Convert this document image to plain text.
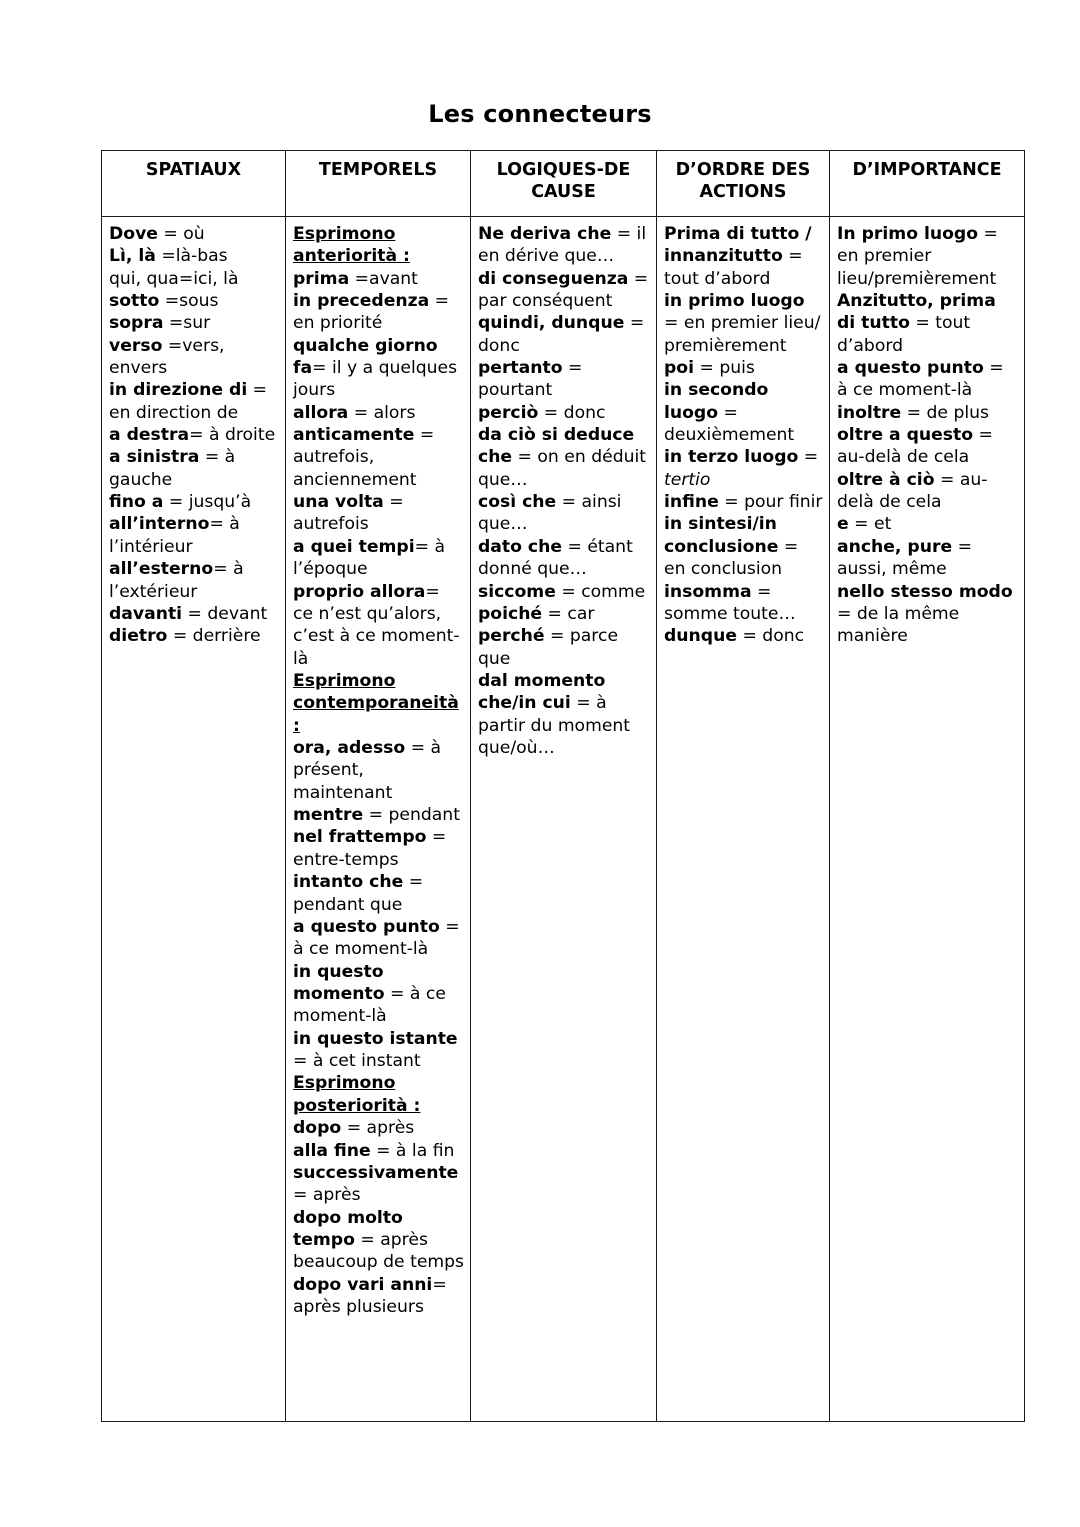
Les connecteurs
SPATIAUX	TEMPORELS	LOGIQUES-DE CAUSE	D’ORDRE DES ACTIONS	D’IMPORTANCE

Dove = où
Lì, là =là-bas
qui, qua=ici, là
sotto =sous
sopra =sur
verso =vers, envers
in direzione di = en direction de
a destra= à droite
a sinistra = à gauche
fino a = jusqu’à
all’interno= à l’intérieur
all’esterno= à l’extérieur
davanti = devant
dietro = derrière

Esprimono anteriorità :
prima =avant
in precedenza = en priorité
qualche giorno fa= il y a quelques jours
allora = alors
anticamente = autrefois, anciennement
una volta = autrefois
a quei tempi= à l’époque
proprio allora= ce n’est qu’alors, c’est à ce moment-là
Esprimono contemporaneità :
ora, adesso = à présent, maintenant
mentre = pendant
nel frattempo = entre-temps
intanto che = pendant que
a questo punto = à ce moment-là
in questo momento = à ce moment-là
in questo istante = à cet instant
Esprimono posteriorità :
dopo = après
alla fine = à la fin
successivamente = après
dopo molto tempo = après beaucoup de temps
dopo vari anni= après plusieurs

Ne deriva che = il en dérive que…
di conseguenza = par conséquent
quindi, dunque = donc
pertanto = pourtant
perciò = donc
da ciò si deduce che = on en déduit que…
così che = ainsi que…
dato che = étant donné que…
siccome = comme
poiché = car
perché = parce que
dal momento che/in cui = à partir du moment que/où…

Prima di tutto / innanzitutto = tout d’abord
in primo luogo = en premier lieu/ premièrement
poi = puis
in secondo luogo = deuxièmement
in terzo luogo = tertio
infine = pour finir
in sintesi/in conclusione = en conclusion
insomma = somme toute…
dunque = donc

In primo luogo = en premier lieu/premièrement
Anzitutto, prima di tutto = tout d’abord
a questo punto = à ce moment-là
inoltre = de plus
oltre a questo = au-delà de cela
oltre à ciò = au-delà de cela
e = et
anche, pure = aussi, même
nello stesso modo = de la même manière
